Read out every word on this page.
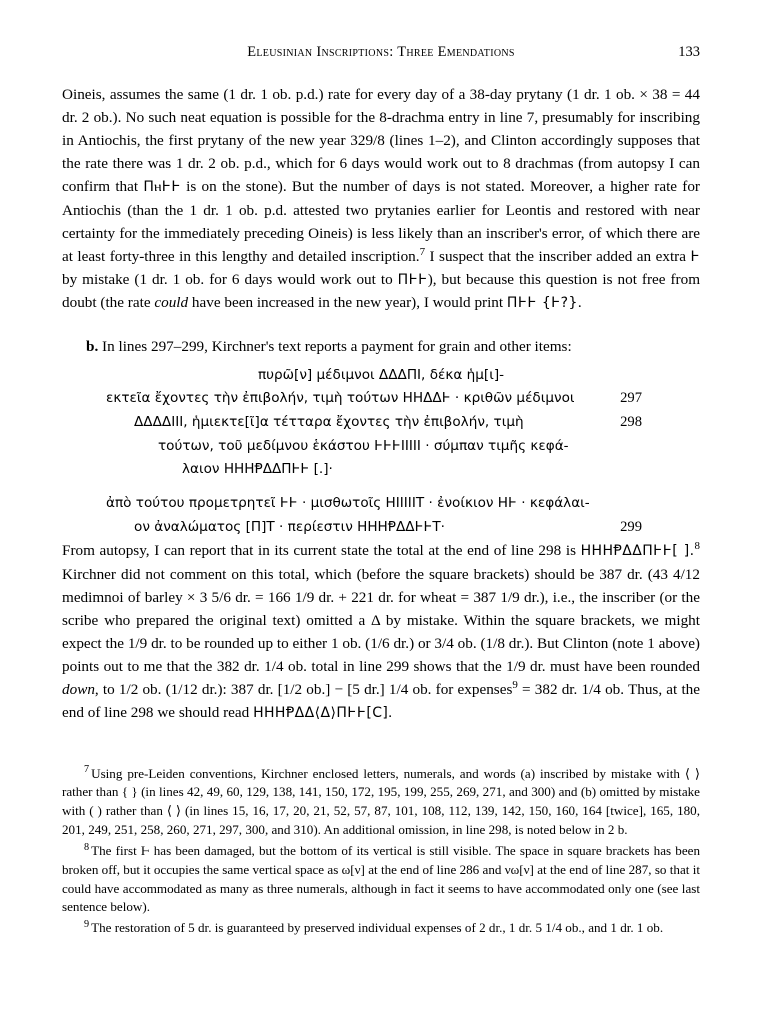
Eleusinian Inscriptions: Three Emendations	133

Oineis, assumes the same (1 dr. 1 ob. p.d.) rate for every day of a 38-day prytany (1 dr. 1 ob. × 38 = 44 dr. 2 ob.). No such neat equation is possible for the 8-drachma entry in line 7, presumably for inscribing in Antiochis, the first prytany of the new year 329/8 (lines 1–2), and Clinton accordingly supposes that the rate there was 1 dr. 2 ob. p.d., which for 6 days would work out to 8 drachmas (from autopsy I can confirm that ΠⲏⱵⱵ is on the stone). But the number of days is not stated. Moreover, a higher rate for Antiochis (than the 1 dr. 1 ob. p.d. attested two prytanies earlier for Leontis and restored with near certainty for the immediately preceding Oineis) is less likely than an inscriber's error, of which there are at least forty-three in this lengthy and detailed inscription.$^7$ I suspect that the inscriber added an extra Ⱶ by mistake (1 dr. 1 ob. for 6 days would work out to ΠⱵⱵ), but because this question is not free from doubt (the rate could have been increased in the new year), I would print ΠⱵⱵ {Ⱶ?}.

b. In lines 297–299, Kirchner's text reports a payment for grain and other items:

πυρῶ[ν] μέδιμνοι ΔΔΔΠΙ, δέκα ἡμ[ι]-
297
εκτεῖα ἔχοντες τὴν ἐπιβολήν, τιμὴ τούτων ΗΗΔΔⱵ · κριθῶν μέδιμνοι
298
ΔΔΔΔΙΙΙ, ἡμιεκτε[ῖ]α τέτταρα ἔχοντες τὴν ἐπιβολήν, τιμὴ
τούτων, τοῦ μεδίμνου ἑκάστου ⱵⱵⱵΙΙΙΙΙ · σύμπαν τιμῆς κεφά-
λαιον ΗΗΗⱣΔΔΠⱵⱵ [.]·
ἀπὸ τούτου προμετρητεῖ ⱵⱵ · μισθωτοῖς ΗΙΙΙΙΙΤ · ἐνοίκιον ΗⱵ · κεφάλαι-
299
ον ἀναλώματος [Π]Τ · περίεστιν ΗΗΗⱣΔΔⱵⱵΤ·

From autopsy, I can report that in its current state the total at the end of line 298 is ΗΗΗⱣΔΔΠⱵⱵ[ ].$^8$ Kirchner did not comment on this total, which (before the square brackets) should be 387 dr. (43 4/12 medimnoi of barley × 3 5/6 dr. = 166 1/9 dr. + 221 dr. for wheat = 387 1/9 dr.), i.e., the inscriber (or the scribe who prepared the original text) omitted a Δ by mistake. Within the square brackets, we might expect the 1/9 dr. to be rounded up to either 1 ob. (1/6 dr.) or 3/4 ob. (1/8 dr.). But Clinton (note 1 above) points out to me that the 382 dr. 1/4 ob. total in line 299 shows that the 1/9 dr. must have been rounded down, to 1/2 ob. (1/12 dr.): 387 dr. [1/2 ob.] − [5 dr.] 1/4 ob. for expenses$^9$ = 382 dr. 1/4 ob. Thus, at the end of line 298 we should read ΗΗΗⱣΔΔ⟨Δ⟩ΠⱵⱵ[C].

$^7$ Using pre-Leiden conventions, Kirchner enclosed letters, numerals, and words (a) inscribed by mistake with ⟨ ⟩ rather than { } (in lines 42, 49, 60, 129, 138, 141, 150, 172, 195, 199, 255, 269, 271, and 300) and (b) omitted by mistake with ( ) rather than ⟨ ⟩ (in lines 15, 16, 17, 20, 21, 52, 57, 87, 101, 108, 112, 139, 142, 150, 160, 164 [twice], 165, 180, 201, 249, 251, 258, 260, 271, 297, 300, and 310). An additional omission, in line 298, is noted below in 2 b.

$^8$ The first Ⱶ has been damaged, but the bottom of its vertical is still visible. The space in square brackets has been broken off, but it occupies the same vertical space as ω[ν] at the end of line 286 and νω[ν] at the end of line 287, so that it could have accommodated as many as three numerals, although in fact it seems to have accommodated only one (see last sentence below).

$^9$ The restoration of 5 dr. is guaranteed by preserved individual expenses of 2 dr., 1 dr. 5 1/4 ob., and 1 dr. 1 ob.
